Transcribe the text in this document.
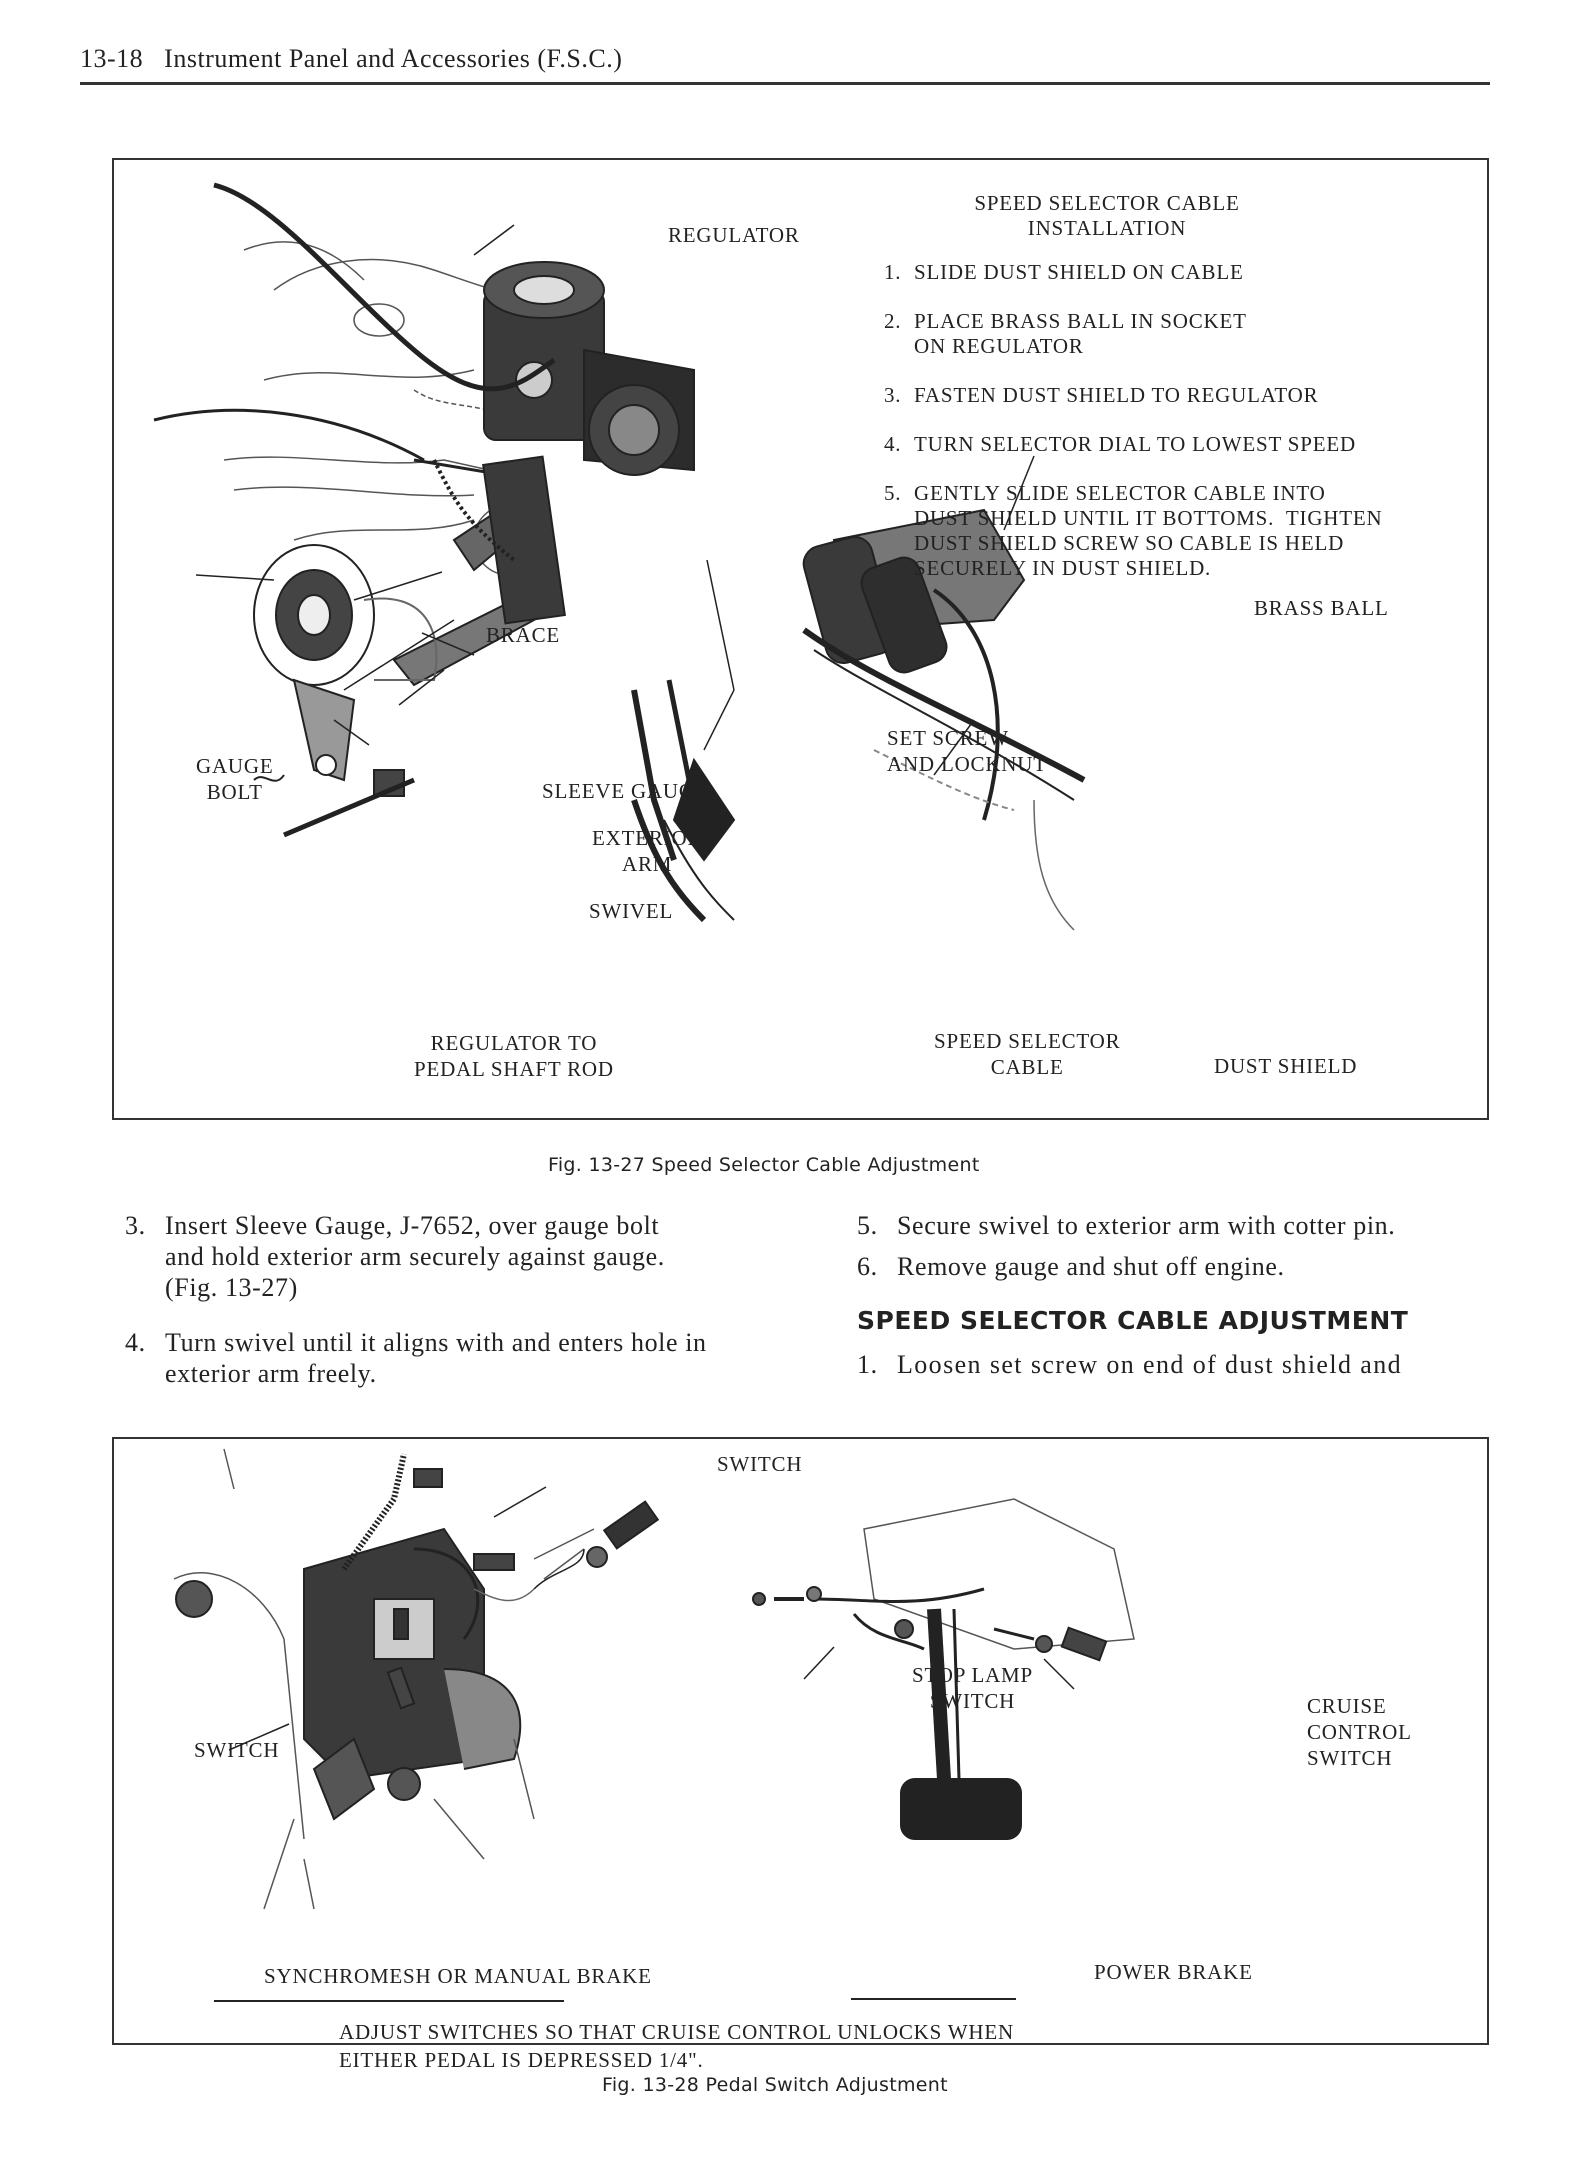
13-18 Instrument Panel and Accessories (F.S.C.)
REGULATOR
BRACE
GAUGE
BOLT	SLEEVE GAUGE
EXTERIOR
ARM
SWIVEL
REGULATOR TO
PEDAL SHAFT ROD
SPEED SELECTOR CABLE
INSTALLATION
1. SLIDE DUST SHIELD ON CABLE
2. PLACE BRASS BALL IN SOCKET
ON REGULATOR
3. FASTEN DUST SHIELD TO REGULATOR
4. TURN SELECTOR DIAL TO LOWEST SPEED
5. GENTLY SLIDE SELECTOR CABLE INTO
DUST SHIELD UNTIL IT BOTTOMS.  TIGHTEN
DUST SHIELD SCREW SO CABLE IS HELD
SECURELY IN DUST SHIELD.
BRASS BALL
SET SCREW
AND LOCKNUT
SPEED SELECTOR
CABLE	DUST SHIELD
Fig. 13-27 Speed Selector Cable Adjustment
3. Insert Sleeve Gauge, J-7652, over gauge bolt and hold exterior arm securely against gauge. (Fig. 13-27)
4. Turn swivel until it aligns with and enters hole in exterior arm freely.
5. Secure swivel to exterior arm with cotter pin.
6. Remove gauge and shut off engine.
SPEED SELECTOR CABLE ADJUSTMENT
1. Loosen set screw on end of dust shield and
SWITCH
SWITCH
STOP LAMP
SWITCH	CRUISE
CONTROL
SWITCH
SYNCHROMESH OR MANUAL BRAKE	POWER BRAKE
ADJUST SWITCHES SO THAT CRUISE CONTROL UNLOCKS WHEN
EITHER PEDAL IS DEPRESSED 1/4".
Fig. 13-28 Pedal Switch Adjustment
